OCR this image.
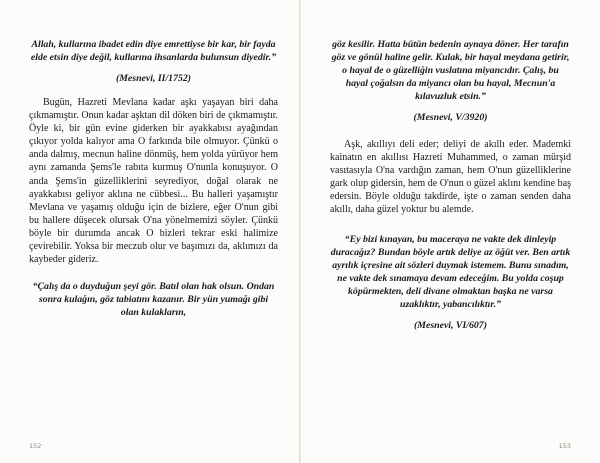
Allah, kullarına ibadet edin diye emrettiyse bir kar, bir fayda elde etsin diye değil, kullarına ihsanlarda bulunsun diyedir.”

(Mesnevi, II/1752)

Bugün, Hazreti Mevlana kadar aşkı yaşayan biri daha çıkmamıştır. Onun kadar aşktan dil döken biri de çıkmamıştır. Öyle ki, bir gün evine giderken bir ayakkabısı ayağından çıkıyor yolda kalıyor ama O farkında bile olmuyor. Çünkü o anda dalmış, mecnun haline dönmüş, hem yolda yürüyor hem aynı zamanda Şems'le rabıta kurmuş O'nunla konuşuyor. O anda Şems'in güzelliklerini seyrediyor, doğal olarak ne ayakkabısı geliyor aklına ne cübbesi... Bu halleri yaşamıştır Mevlana ve yaşamış olduğu için de bizlere, eğer O'nun gibi bu hallere düşecek olursak O'na yönelmemizi söyler. Çünkü böyle bir durumda ancak O bizleri tekrar eski halimize çevirebilir. Yoksa bir meczub olur ve başımızı da, aklımızı da kaybeder gideriz.

“Çalış da o duyduğun şeyi gör. Batıl olan hak olsun. Ondan sonra kulağın, göz tabiatını kazanır. Bir yün yumağı gibi olan kulakların,

152

göz kesilir. Hatta bütün bedenin aynaya döner. Her tarafın göz ve gönül haline gelir. Kulak, bir hayal meydana getirir, o hayal de o güzelliğin vuslatına miyancıdır. Çalış, bu hayal çoğalsın da miyancı olan bu hayal, Mecnun'a kılavuzluk etsin.”

(Mesnevi, V/3920)

Aşk, akıllıyı deli eder; deliyi de akıllı eder. Mademki kainatın en akıllısı Hazreti Muhammed, o zaman mürşid vasıtasıyla O'na vardığın zaman, hem O'nun güzelliklerine gark olup gidersin, hem de O'nun o güzel aklını kendine baş edersin. Böyle olduğu takdirde, işte o zaman senden daha akıllı, daha güzel yoktur bu alemde.

“Ey bizi kınayan, bu maceraya ne vakte dek dinleyip duracağız? Bundan böyle artık deliye az öğüt ver. Ben artık ayrılık içresine ait sözleri duymak istemem. Bunu sınadım, ne vakte dek sınamaya devam edeceğim. Bu yolda coşup köpürmekten, deli divane olmaktan başka ne varsa uzaklıktır, yabancılıktır.”

(Mesnevi, VI/607)

153
